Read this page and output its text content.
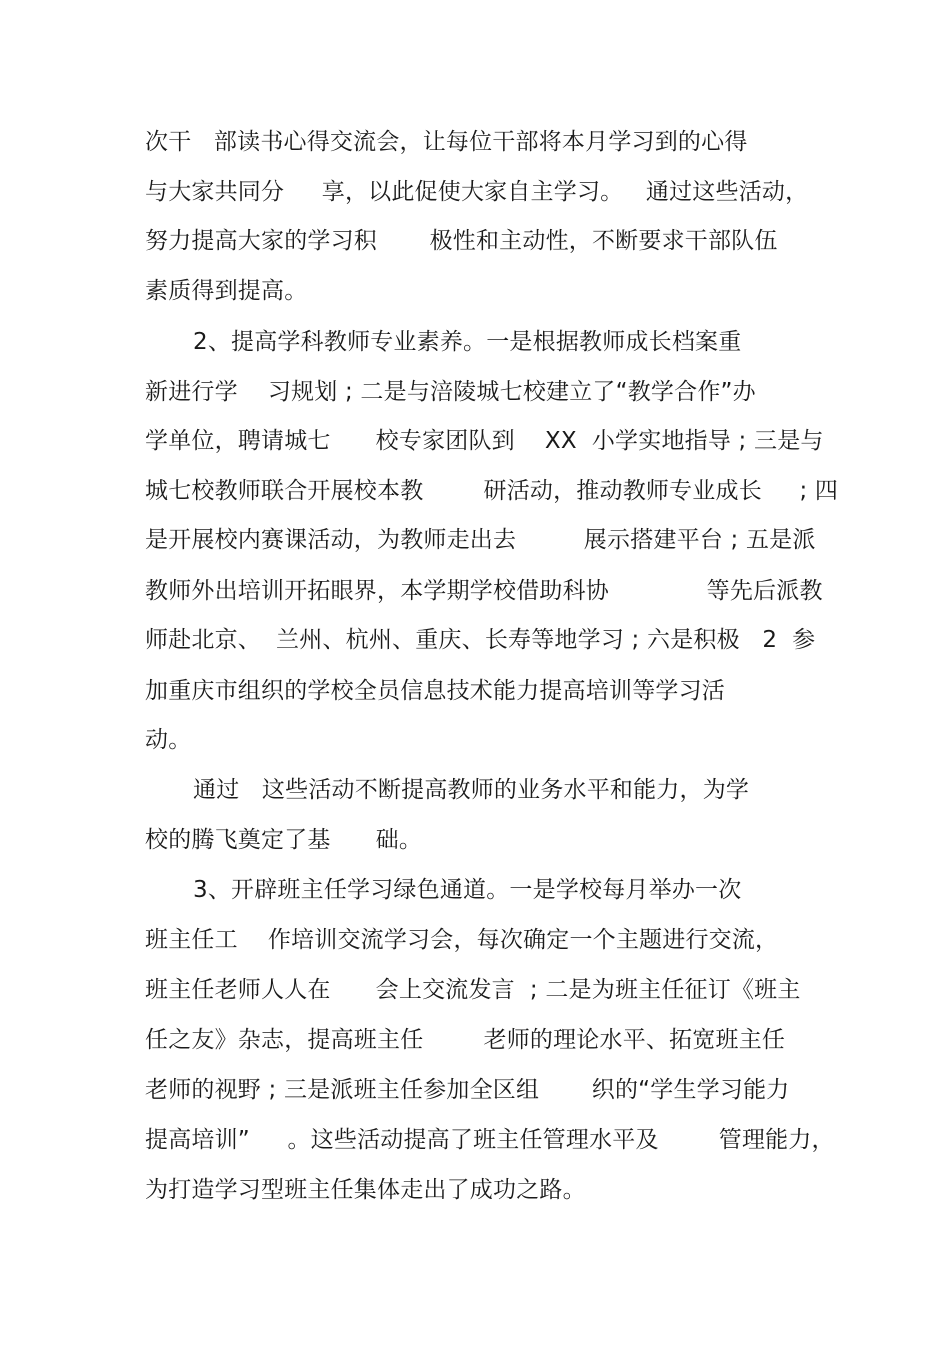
次干   部读书心得交流会，让每位干部将本月学习到的心得
与大家共同分     享，以此促使大家自主学习。   通过这些活动，
努力提高大家的学习积       极性和主动性，不断要求干部队伍
素质得到提高。
2、提高学科教师专业素养。一是根据教师成长档案重
新进行学    习规划 ; 二是与涪陵城七校建立了“教学合作”办
学单位，聘请城七      校专家团队到    XX  小学实地指导 ; 三是与
城七校教师联合开展校本教        研活动，推动教师专业成长     ; 四
是开展校内赛课活动，为教师走出去         展示搭建平台 ; 五是派
教师外出培训开拓眼界，本学期学校借助科协             等先后派教
师赴北京、  兰州、杭州、重庆、长寿等地学习 ; 六是积极   2  参
加重庆市组织的学校全员信息技术能力提高培训等学习活
动。
通过   这些活动不断提高教师的业务水平和能力，为学
校的腾飞奠定了基      础。
3、开辟班主任学习绿色通道。一是学校每月举办一次
班主任工    作培训交流学习会，每次确定一个主题进行交流，
班主任老师人人在      会上交流发言  ; 二是为班主任征订《班主
任之友》杂志，提高班主任        老师的理论水平、拓宽班主任
老师的视野 ; 三是派班主任参加全区组       织的“学生学习能力
提高培训”     。这些活动提高了班主任管理水平及        管理能力，
为打造学习型班主任集体走出了成功之路。
